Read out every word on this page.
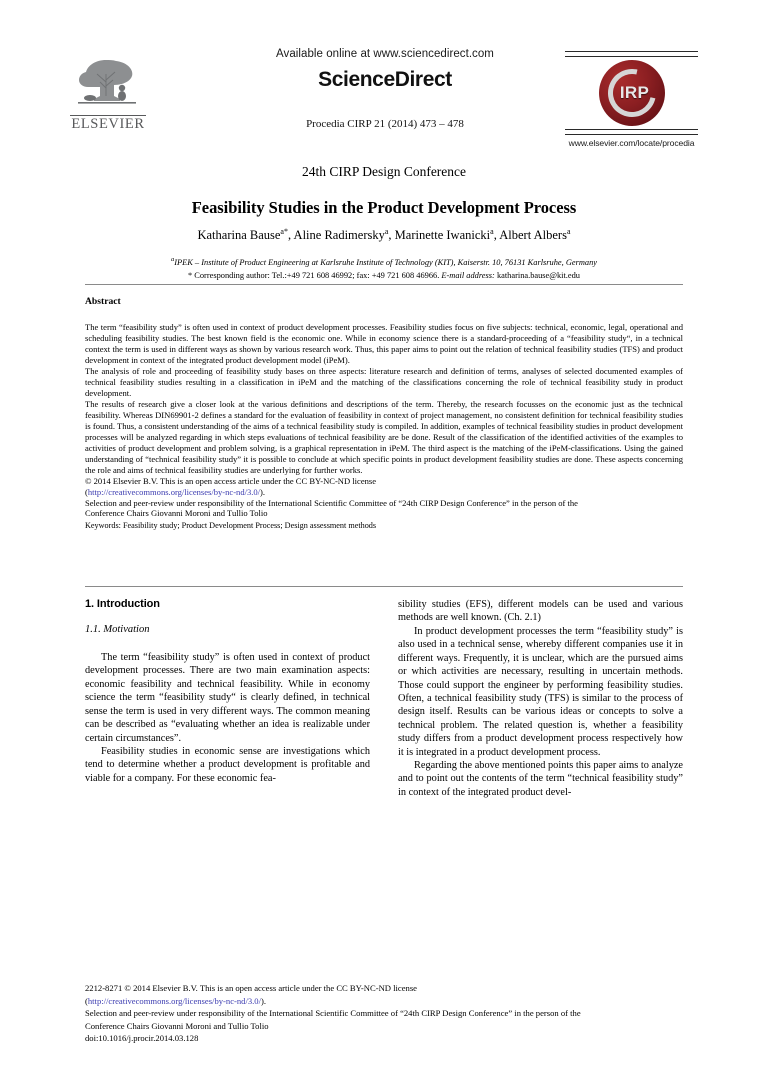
ELSEVIER
Available online at www.sciencedirect.com
ScienceDirect
Procedia CIRP 21 (2014) 473 – 478
IRP
www.elsevier.com/locate/procedia
24th CIRP Design Conference
Feasibility Studies in the Product Development Process
Katharina Bause$^{a*}$, Aline Radimersky$^a$, Marinette Iwanicki$^a$, Albert Albers$^a$
$^a$IPEK – Institute of Product Engineering at Karlsruhe Institute of Technology (KIT), Kaiserstr. 10, 76131 Karlsruhe, Germany
* Corresponding author: Tel.:+49 721 608 46992; fax: +49 721 608 46966. E-mail address: katharina.bause@kit.edu
Abstract

The term “feasibility study” is often used in context of product development processes. Feasibility studies focus on five subjects: technical, economic, legal, operational and scheduling feasibility studies. The best known field is the economic one. While in economy science there is a standard-proceeding of a “feasibility study“, in a technical context the term is used in different ways as shown by various research work. Thus, this paper aims to point out the relation of technical feasibility studies (TFS) and product development in context of the integrated product development model (iPeM).

The analysis of role and proceeding of feasibility study bases on three aspects: literature research and definition of terms, analyses of selected documented examples of technical feasibility studies resulting in a classification in iPeM and the matching of the classifications concerning the role of technical feasibility study in product development.

The results of research give a closer look at the various definitions and descriptions of the term. Thereby, the research focusses on the economic just as the technical feasibility. Whereas DIN69901-2 defines a standard for the evaluation of feasibility in context of project management, no consistent definition for technical feasibility studies is found. Thus, a consistent understanding of the aims of a technical feasibility study is compiled. In addition, examples of technical feasibility studies in product development processes will be analyzed regarding in which steps evaluations of technical feasibility are be done. Result of the classification of the identified activities of the examples to activities of product development and problem solving, is a graphical representation in iPeM. The third aspect is the matching of the iPeM-classifications. Using the gained understanding of “technical feasibility study” it is possible to conclude at which specific points in product development feasibility studies are done. These aspects concerning the role and aims of technical feasibility studies are underlying for further works.

© 2014 Elsevier B.V. This is an open access article under the CC BY-NC-ND license
(http://creativecommons.org/licenses/by-nc-nd/3.0/).
Selection and peer-review under responsibility of the International Scientific Committee of “24th CIRP Design Conference” in the person of the
Conference Chairs Giovanni Moroni and Tullio Tolio
Keywords: Feasibility study; Product Development Process; Design assessment methods
1. Introduction
1.1. Motivation

The term “feasibility study” is often used in context of product development processes. There are two main examination aspects: economic feasibility and technical feasibility. While in economy science the term “feasibility study“ is clearly defined, in technical sense the term is used in very different ways. The common meaning can be described as “evaluating whether an idea is realizable under certain circumstances”.

Feasibility studies in economic sense are investigations which tend to determine whether a product development is profitable and viable for a company. For these economic fea-

sibility studies (EFS), different models can be used and various methods are well known. (Ch. 2.1)

In product development processes the term “feasibility study” is also used in a technical sense, whereby different companies use it in different ways. Frequently, it is unclear, which are the pursued aims or which activities are necessary, resulting in uncertain methods. Those could support the engineer by performing feasibility studies. Often, a technical feasibility study (TFS) is similar to the process of design itself. Results can be various ideas or concepts to solve a technical problem. The related question is, whether a feasibility study differs from a product development process respectively how it is integrated in a product development process.

Regarding the above mentioned points this paper aims to analyze and to point out the contents of the term “technical feasibility study” in context of the integrated product devel-

2212-8271 © 2014 Elsevier B.V. This is an open access article under the CC BY-NC-ND license
(http://creativecommons.org/licenses/by-nc-nd/3.0/).
Selection and peer-review under responsibility of the International Scientific Committee of “24th CIRP Design Conference” in the person of the
Conference Chairs Giovanni Moroni and Tullio Tolio
doi:10.1016/j.procir.2014.03.128
